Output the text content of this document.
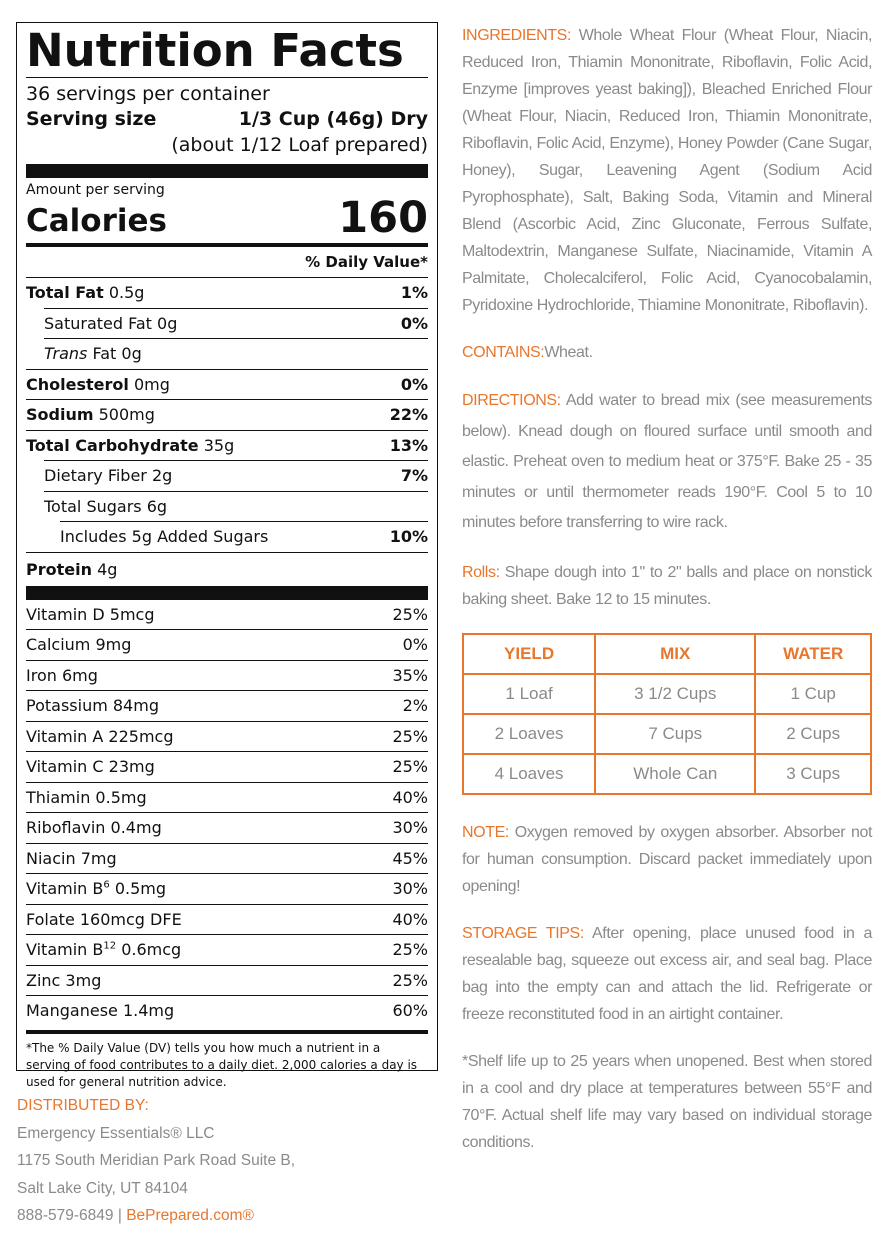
Nutrition Facts
36 servings per container
Serving size	1/3 Cup (46g) Dry
(about 1/12 Loaf prepared)
Amount per serving
Calories	160
% Daily Value*
Total Fat 0.5g	1%
Saturated Fat 0g	0%
Trans Fat 0g
Cholesterol 0mg	0%
Sodium 500mg	22%
Total Carbohydrate 35g	13%
Dietary Fiber 2g	7%
Total Sugars 6g
Includes 5g Added Sugars	10%
Protein 4g
Vitamin D 5mcg	25%
Calcium 9mg	0%
Iron 6mg	35%
Potassium 84mg	2%
Vitamin A 225mcg	25%
Vitamin C 23mg	25%
Thiamin 0.5mg	40%
Riboflavin 0.4mg	30%
Niacin 7mg	45%
Vitamin $B^6$ 0.5mg	30%
Folate 160mcg DFE	40%
Vitamin $B^{12}$ 0.6mcg	25%
Zinc 3mg	25%
Manganese 1.4mg	60%
*The % Daily Value (DV) tells you how much a nutrient in a serving of food contributes to a daily diet. 2,000 calories a day is used for general nutrition advice.
DISTRIBUTED BY:
Emergency Essentials® LLC
1175 South Meridian Park Road Suite B,
Salt Lake City, UT 84104
888-579-6849 | BePrepared.com®

INGREDIENTS: Whole Wheat Flour (Wheat Flour, Niacin, Reduced Iron, Thiamin Mononitrate, Riboflavin, Folic Acid, Enzyme [improves yeast baking]), Bleached Enriched Flour (Wheat Flour, Niacin, Reduced Iron, Thiamin Mononitrate, Riboflavin, Folic Acid, Enzyme), Honey Powder (Cane Sugar, Honey), Sugar, Leavening Agent (Sodium Acid Pyrophosphate), Salt, Baking Soda, Vitamin and Mineral Blend (Ascorbic Acid, Zinc Gluconate, Ferrous Sulfate, Maltodextrin, Manganese Sulfate, Niacinamide, Vitamin A Palmitate, Cholecalciferol, Folic Acid, Cyanocobalamin, Pyridoxine Hydrochloride, Thiamine Mononitrate, Riboflavin).

CONTAINS:Wheat.

DIRECTIONS: Add water to bread mix (see measurements below). Knead dough on floured surface until smooth and elastic. Preheat oven to medium heat or 375°F. Bake 25 - 35 minutes or until thermometer reads 190°F. Cool 5 to 10 minutes before transferring to wire rack.

Rolls: Shape dough into 1" to 2" balls and place on nonstick baking sheet. Bake 12 to 15 minutes.

YIELD	MIX	WATER
1 Loaf	3 1/2 Cups	1 Cup
2 Loaves	7 Cups	2 Cups
4 Loaves	Whole Can	3 Cups

NOTE: Oxygen removed by oxygen absorber. Absorber not for human consumption. Discard packet immediately upon opening!

STORAGE TIPS: After opening, place unused food in a resealable bag, squeeze out excess air, and seal bag. Place bag into the empty can and attach the lid. Refrigerate or freeze reconstituted food in an airtight container.

*Shelf life up to 25 years when unopened. Best when stored in a cool and dry place at temperatures between 55°F and 70°F. Actual shelf life may vary based on individual storage conditions.
